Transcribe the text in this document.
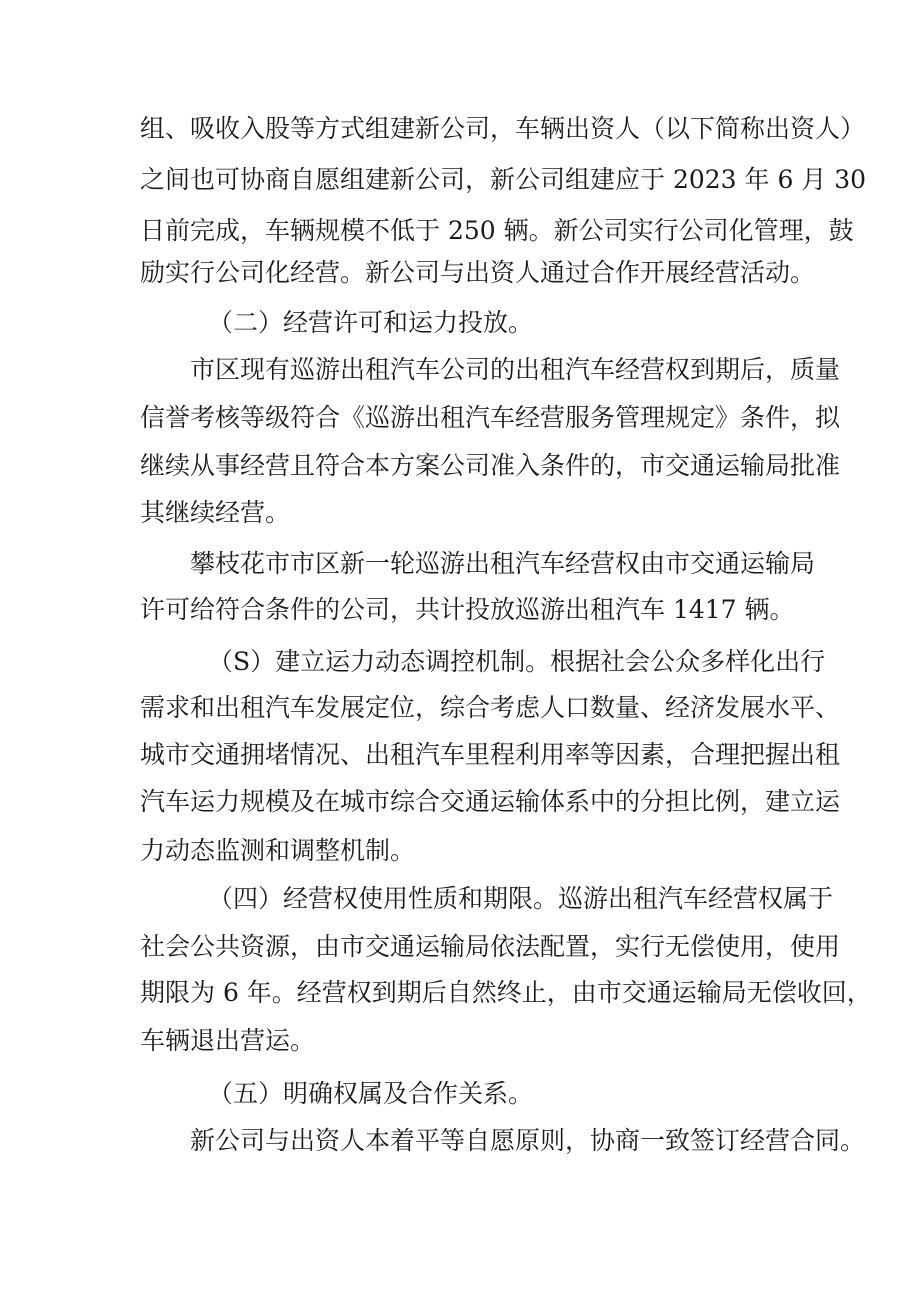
组、吸收入股等方式组建新公司，车辆出资人（以下简称出资人）
之间也可协商自愿组建新公司，新公司组建应于 2023 年 6 月 30
日前完成，车辆规模不低于 250 辆。新公司实行公司化管理，鼓
励实行公司化经营。新公司与出资人通过合作开展经营活动。
（二）经营许可和运力投放。
市区现有巡游出租汽车公司的出租汽车经营权到期后，质量
信誉考核等级符合《巡游出租汽车经营服务管理规定》条件，拟
继续从事经营且符合本方案公司准入条件的，市交通运输局批准
其继续经营。
攀枝花市市区新一轮巡游出租汽车经营权由市交通运输局
许可给符合条件的公司，共计投放巡游出租汽车 1417 辆。
（S）建立运力动态调控机制。根据社会公众多样化出行
需求和出租汽车发展定位，综合考虑人口数量、经济发展水平、
城市交通拥堵情况、出租汽车里程利用率等因素，合理把握出租
汽车运力规模及在城市综合交通运输体系中的分担比例，建立运
力动态监测和调整机制。
（四）经营权使用性质和期限。巡游出租汽车经营权属于
社会公共资源，由市交通运输局依法配置，实行无偿使用，使用
期限为 6 年。经营权到期后自然终止，由市交通运输局无偿收回，
车辆退出营运。
（五）明确权属及合作关系。
新公司与出资人本着平等自愿原则，协商一致签订经营合同。
